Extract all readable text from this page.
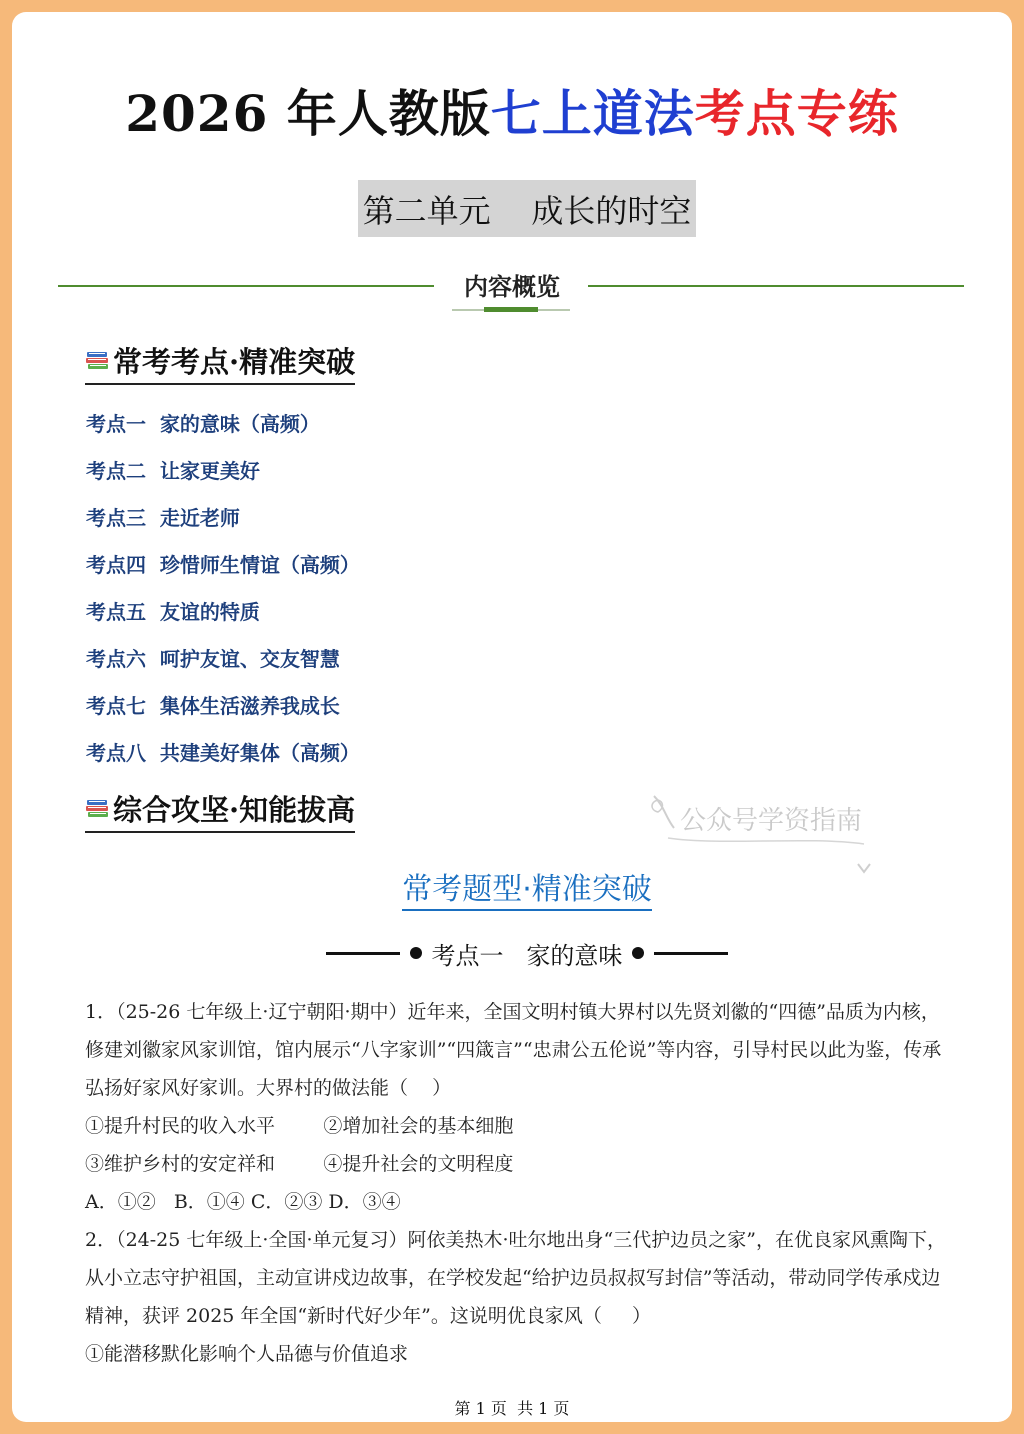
2026 年人教版七上道法考点专练
第二单元    成长的时空
内容概览
常考考点·精准突破
考点一  家的意味（高频）
考点二  让家更美好
考点三  走近老师
考点四  珍惜师生情谊（高频）
考点五  友谊的特质
考点六  呵护友谊、交友智慧
考点七  集体生活滋养我成长
考点八  共建美好集体（高频）
综合攻坚·知能拔高	公众号学资指南
常考题型·精准突破
考点一   家的意味
1．（25-26 七年级上·辽宁朝阳·期中）近年来，全国文明村镇大界村以先贤刘徽的“四德”品质为内核，
修建刘徽家风家训馆，馆内展示“八字家训”“四箴言”“忠肃公五伦说”等内容，引导村民以此为鉴，传承
弘扬好家风好家训。大界村的做法能（    ）
①提升村民的收入水平        ②增加社会的基本细胞
③维护乡村的安定祥和        ④提升社会的文明程度
A．①②   B．①④ C．②③ D．③④
2．（24-25 七年级上·全国·单元复习）阿依美热木·吐尔地出身“三代护边员之家”，在优良家风熏陶下，
从小立志守护祖国，主动宣讲戍边故事，在学校发起“给护边员叔叔写封信”等活动，带动同学传承戍边
精神，获评 2025 年全国“新时代好少年”。这说明优良家风（     ）
①能潜移默化影响个人品德与价值追求
第 1 页  共 1 页
